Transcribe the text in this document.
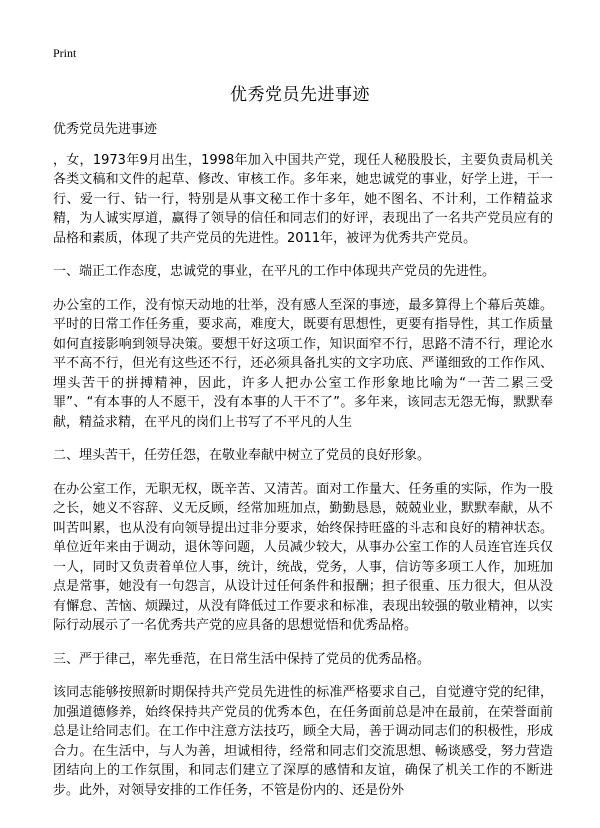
Print
优秀党员先进事迹

优秀党员先进事迹

，女，1973年9月出生，1998年加入中国共产党，现任人秘股股长，主要负责局机关各类文稿和文件的起草、修改、审核工作。多年来，她忠诚党的事业，好学上进，干一行、爱一行、钻一行，特别是从事文秘工作十多年，她不图名、不计利，工作精益求精，为人诚实厚道，赢得了领导的信任和同志们的好评，表现出了一名共产党员应有的品格和素质，体现了共产党员的先进性。2011年，被评为优秀共产党员。

一、端正工作态度，忠诚党的事业，在平凡的工作中体现共产党员的先进性。

办公室的工作，没有惊天动地的壮举，没有感人至深的事迹，最多算得上个幕后英雄。平时的日常工作任务重，要求高，难度大，既要有思想性，更要有指导性，其工作质量如何直接影响到领导决策。要想干好这项工作，知识面窄不行，思路不清不行，理论水平不高不行，但光有这些还不行，还必须具备扎实的文字功底、严谨细致的工作作风、埋头苦干的拼搏精神，因此，许多人把办公室工作形象地比喻为“一苦二累三受罪”、“有本事的人不愿干，没有本事的人干不了”。多年来，该同志无怨无悔，默默奉献，精益求精，在平凡的岗们上书写了不平凡的人生

二、埋头苦干，任劳任怨，在敬业奉献中树立了党员的良好形象。

在办公室工作，无职无权，既辛苦、又清苦。面对工作量大、任务重的实际，作为一股之长，她义不容辞、义无反顾，经常加班加点，勤勤恳恳，兢兢业业，默默奉献，从不叫苦叫累，也从没有向领导提出过非分要求，始终保持旺盛的斗志和良好的精神状态。单位近年来由于调动，退休等问题，人员减少较大，从事办公室工作的人员连官连兵仅一人，同时又负责着单位人事，统计，统战，党务，人事，信访等多项工人作，加班加点是常事，她没有一句怨言，从设计过任何条件和报酬；担子很重、压力很大，但从没有懈怠、苦恼、烦躁过，从没有降低过工作要求和标准，表现出较强的敬业精神，以实际行动展示了一名优秀共产党的应具备的思想觉悟和优秀品格。

三、严于律己，率先垂范，在日常生活中保持了党员的优秀品格。

该同志能够按照新时期保持共产党员先进性的标准严格要求自己，自觉遵守党的纪律，加强道德修养，始终保持共产党员的优秀本色，在任务面前总是冲在最前，在荣誉面前总是让给同志们。在工作中注意方法技巧，顾全大局，善于调动同志们的积极性，形成合力。在生活中，与人为善，坦诚相待，经常和同志们交流思想、畅谈感受，努力营造团结向上的工作氛围，和同志们建立了深厚的感情和友谊，确保了机关工作的不断进步。此外，对领导安排的工作任务，不管是份内的、还是份外
